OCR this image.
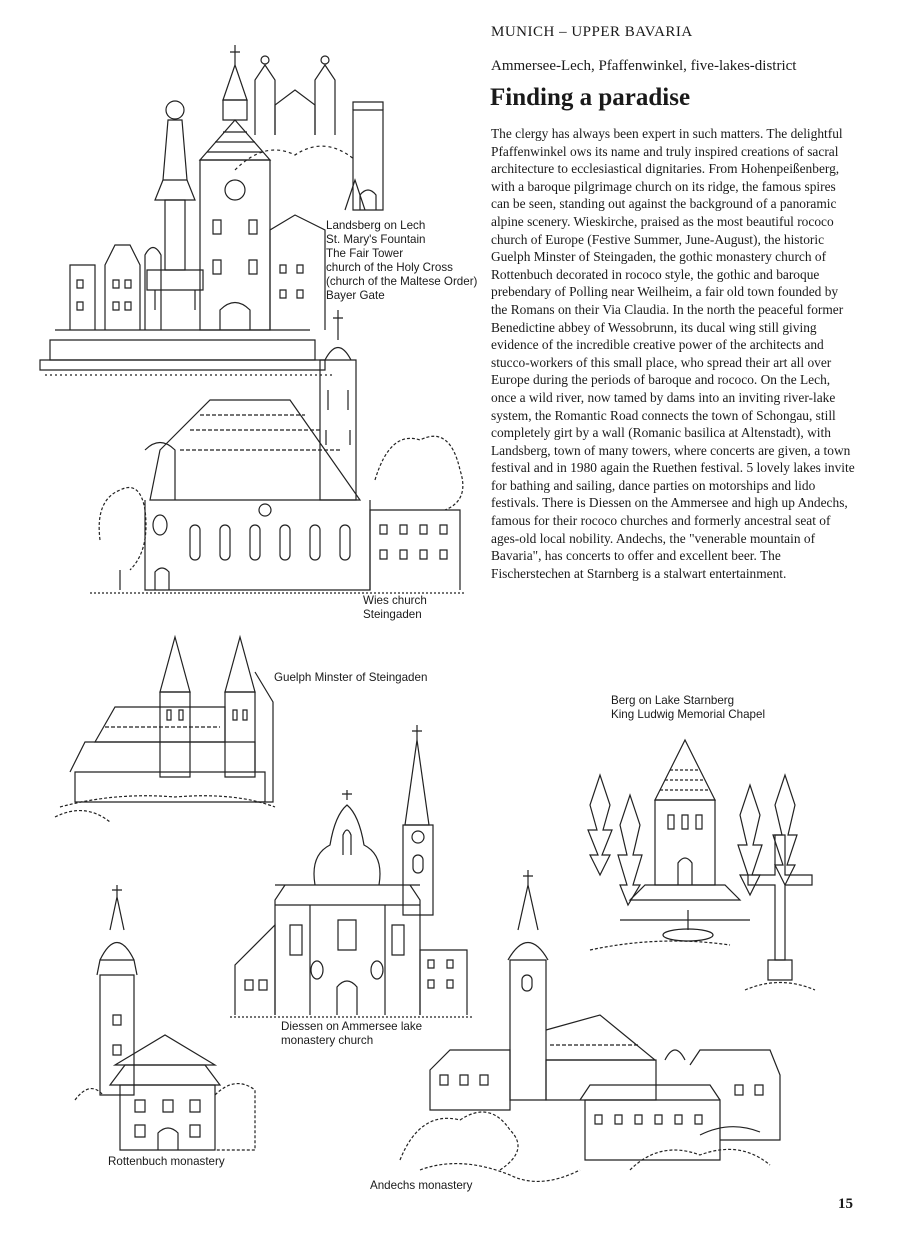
MUNICH – UPPER BAVARIA
Ammersee-Lech, Pfaffenwinkel, five-lakes-district
Finding a paradise
The clergy has always been expert in such matters. The delightful Pfaffenwinkel ows its name and truly inspired creations of sacral architecture to ecclesiastical dignitaries. From Hohenpeißenberg, with a baroque pilgrimage church on its ridge, the famous spires can be seen, standing out against the background of a panoramic alpine scenery. Wieskirche, praised as the most beautiful rococo church of Europe (Festive Summer, June-August), the historic Guelph Minster of Steingaden, the gothic monastery church of Rottenbuch decorated in rococo style, the gothic and baroque prebendary of Polling near Weilheim, a fair old town founded by the Romans on their Via Claudia. In the north the peaceful former Benedictine abbey of Wessobrunn, its ducal wing still giving evidence of the incredible creative power of the architects and stucco-workers of this small place, who spread their art all over Europe during the periods of baroque and rococo. On the Lech, once a wild river, now tamed by dams into an inviting river-lake system, the Romantic Road connects the town of Schongau, still completely girt by a wall (Romanic basilica at Altenstadt), with Landsberg, town of many towers, where concerts are given, a town festival and in 1980 again the Ruethen festival. 5 lovely lakes invite for bathing and sailing, dance parties on motorships and lido festivals. There is Diessen on the Ammersee and high up Andechs, famous for their rococo churches and formerly ancestral seat of ages-old local nobility. Andechs, the "venerable mountain of Bavaria", has concerts to offer and excellent beer. The Fischerstechen at Starnberg is a stalwart entertainment.
Landsberg on Lech
St. Mary's Fountain
The Fair Tower
church of the Holy Cross
(church of the Maltese Order)
Bayer Gate
Wies church
Steingaden
Guelph Minster of Steingaden
Berg on Lake Starnberg
King Ludwig Memorial Chapel
Diessen on Ammersee lake
monastery church
Rottenbuch monastery
Andechs monastery
15
